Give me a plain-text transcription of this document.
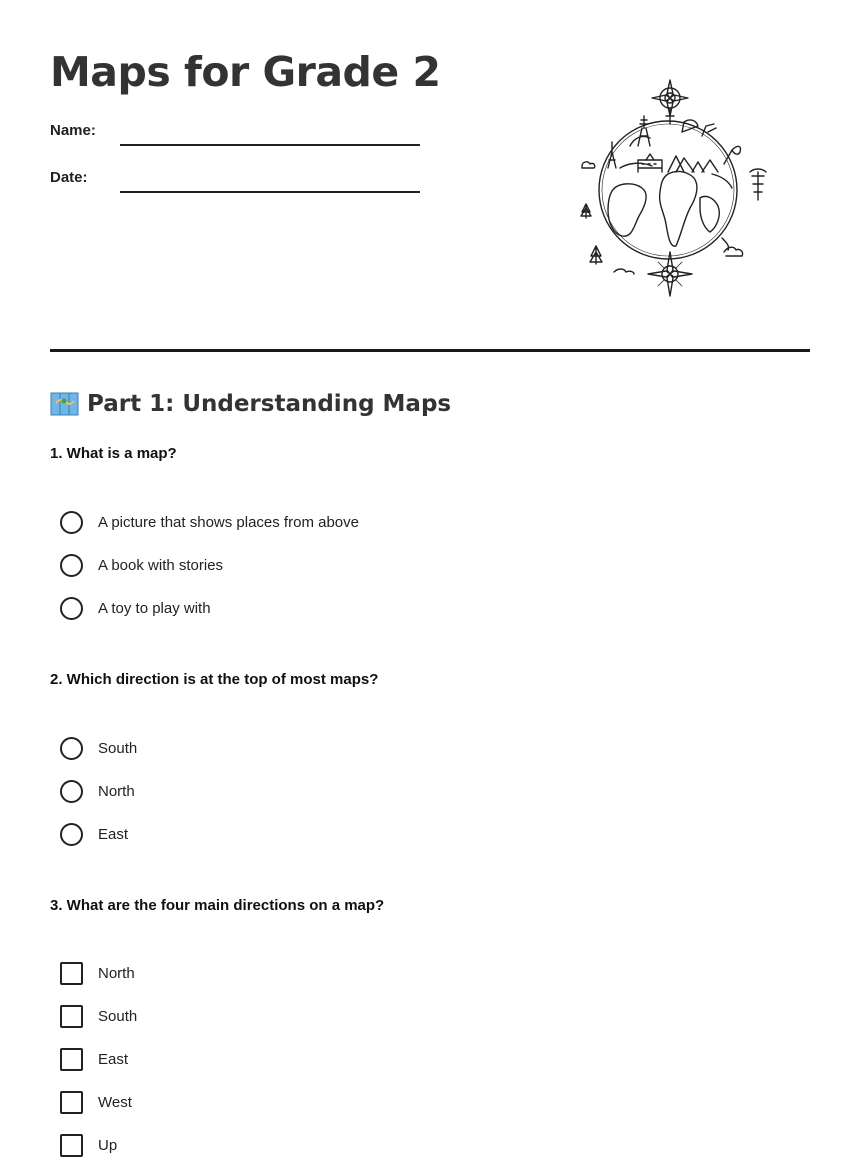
Maps for Grade 2
Name:
Date:
Part 1: Understanding Maps
1. What is a map?
A picture that shows places from above
A book with stories
A toy to play with
2. Which direction is at the top of most maps?
South
North
East
3. What are the four main directions on a map?
North
South
East
West
Up
